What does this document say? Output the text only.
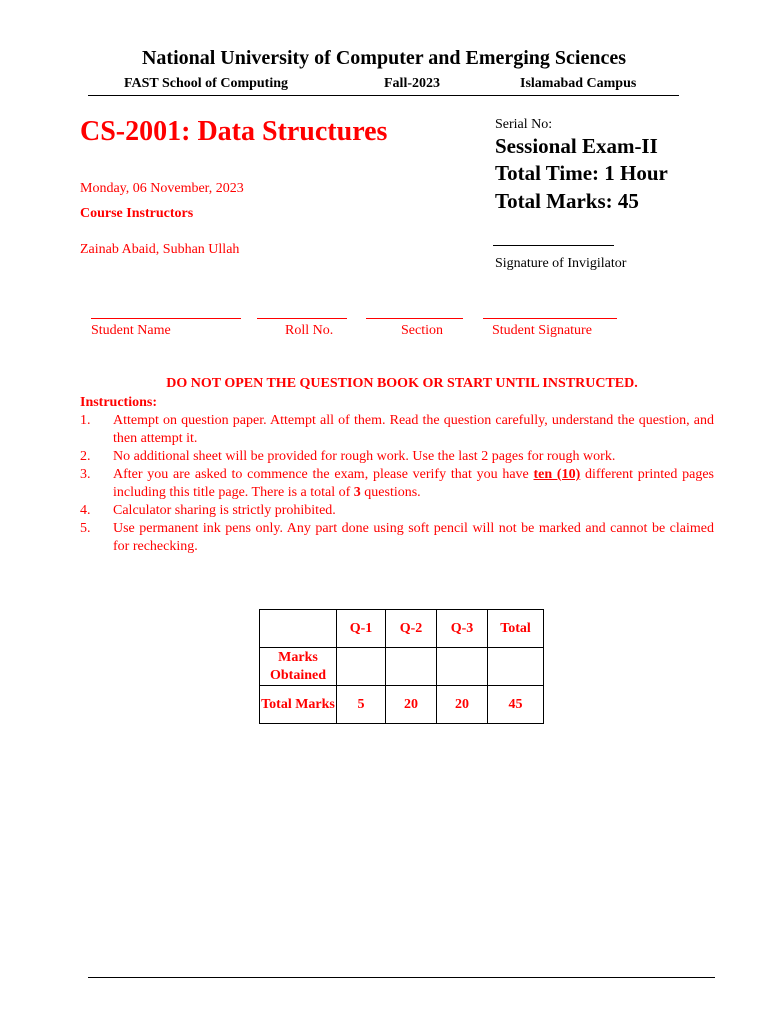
National University of Computer and Emerging Sciences
FAST School of Computing	Fall-2023	Islamabad Campus
CS-2001: Data Structures
Monday, 06 November, 2023
Course Instructors
Zainab Abaid, Subhan Ullah
Serial No:
Sessional Exam-II
Total Time: 1 Hour
Total Marks: 45
Signature of Invigilator
Student Name	Roll No.	Section	Student Signature
DO NOT OPEN THE QUESTION BOOK OR START UNTIL INSTRUCTED.
Instructions:
1. Attempt on question paper. Attempt all of them. Read the question carefully, understand the question, and then attempt it.
2. No additional sheet will be provided for rough work. Use the last 2 pages for rough work.
3. After you are asked to commence the exam, please verify that you have ten (10) different printed pages including this title page. There is a total of 3 questions.
4. Calculator sharing is strictly prohibited.
5. Use permanent ink pens only. Any part done using soft pencil will not be marked and cannot be claimed for rechecking.
	Q-1	Q-2	Q-3	Total
Marks Obtained				
Total Marks	5	20	20	45
